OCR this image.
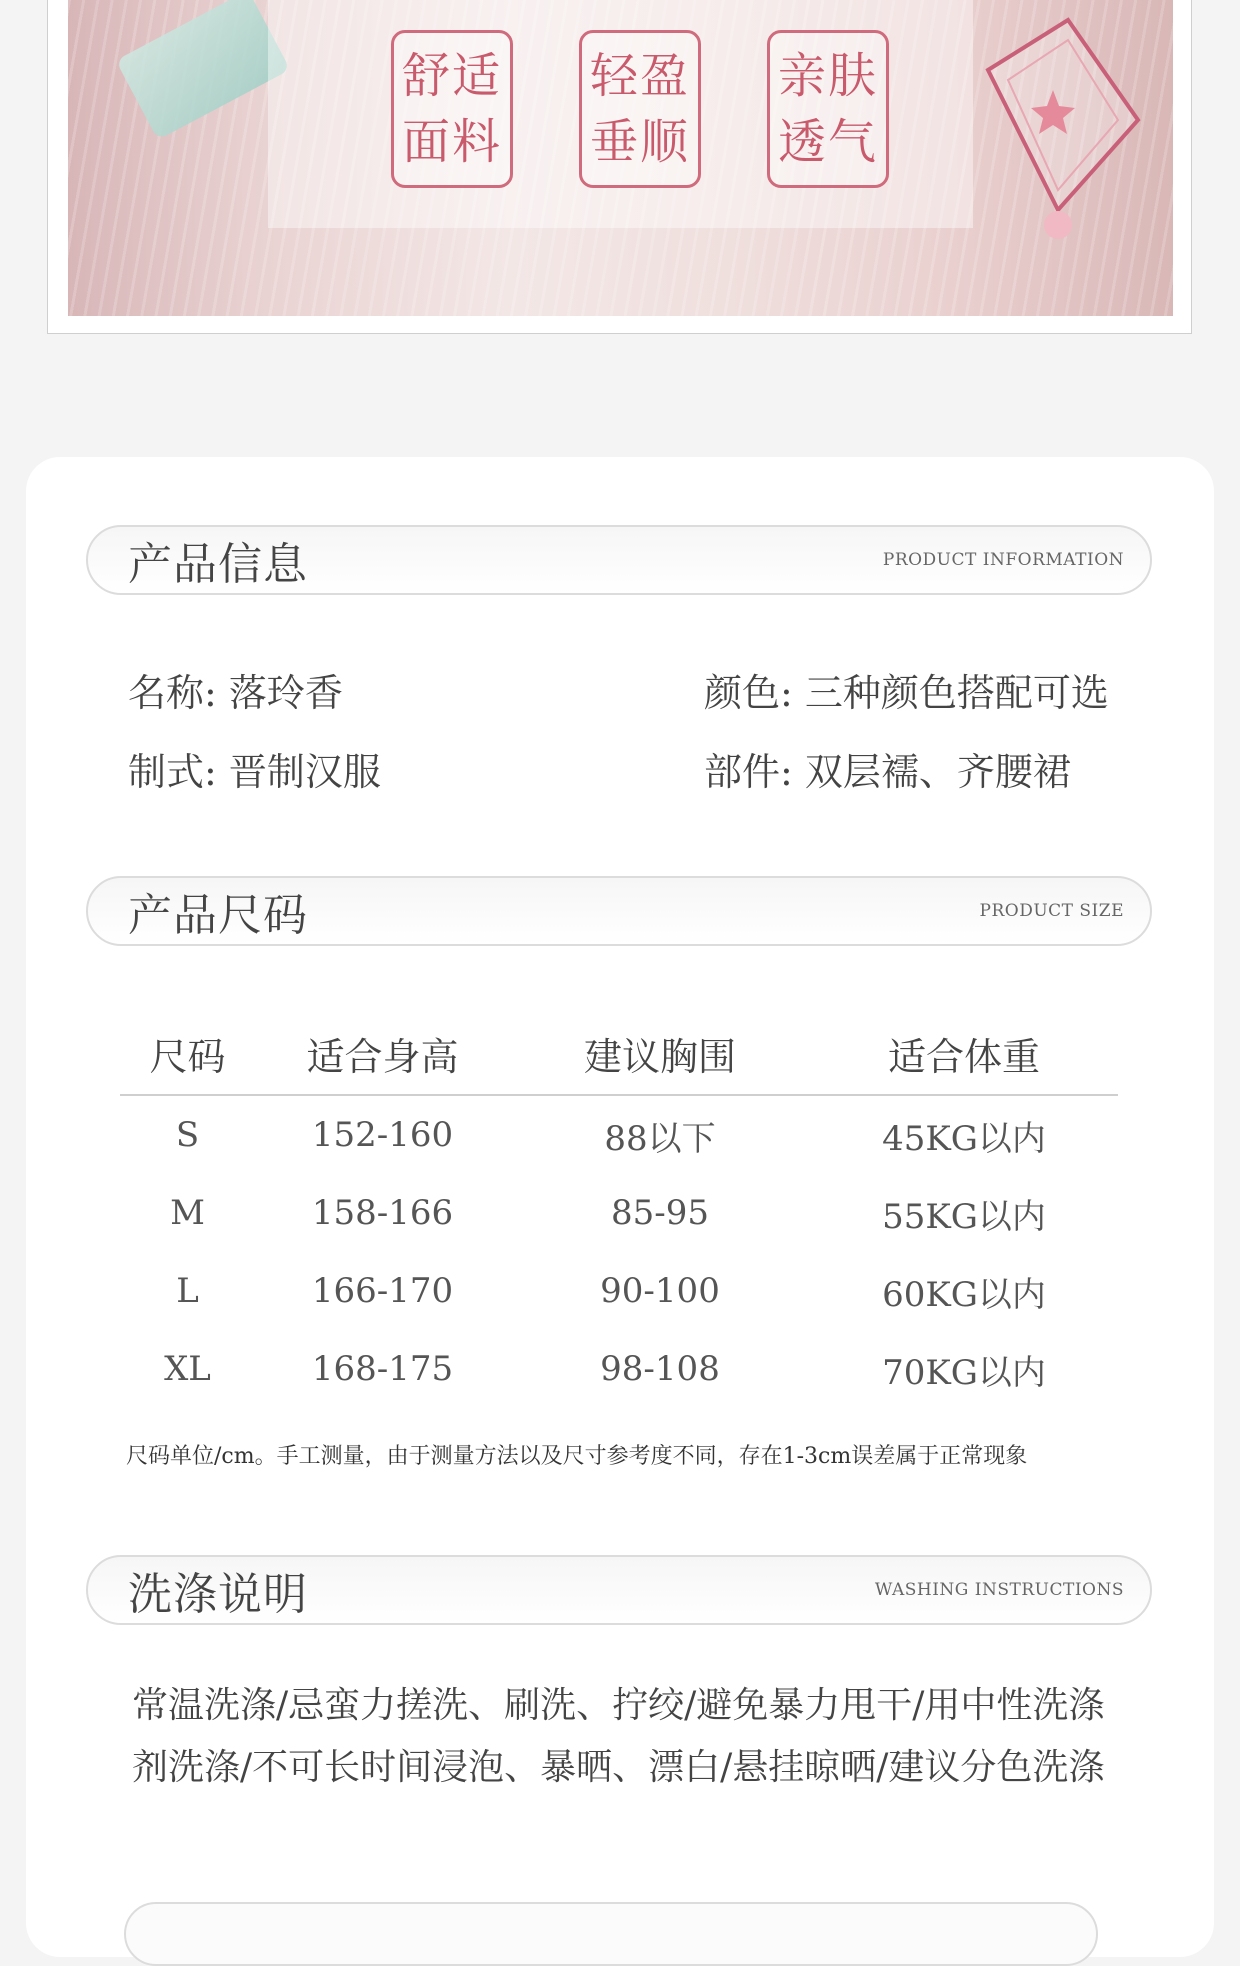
舒适
面料
轻盈
垂顺
亲肤
透气
产品信息	PRODUCT INFORMATION
名称: 落玲香	颜色: 三种颜色搭配可选
制式: 晋制汉服	部件: 双层襦、齐腰裙
产品尺码	PRODUCT SIZE
尺码	适合身高	建议胸围	适合体重
S	152-160	88以下	45KG以内
M	158-166	85-95	55KG以内
L	166-170	90-100	60KG以内
XL	168-175	98-108	70KG以内
尺码单位/cm。手工测量，由于测量方法以及尺寸参考度不同，存在1-3cm误差属于正常现象
洗涤说明	WASHING INSTRUCTIONS
常温洗涤/忌蛮力搓洗、刷洗、拧绞/避免暴力甩干/用中性洗涤剂洗涤/不可长时间浸泡、暴晒、漂白/悬挂晾晒/建议分色洗涤
